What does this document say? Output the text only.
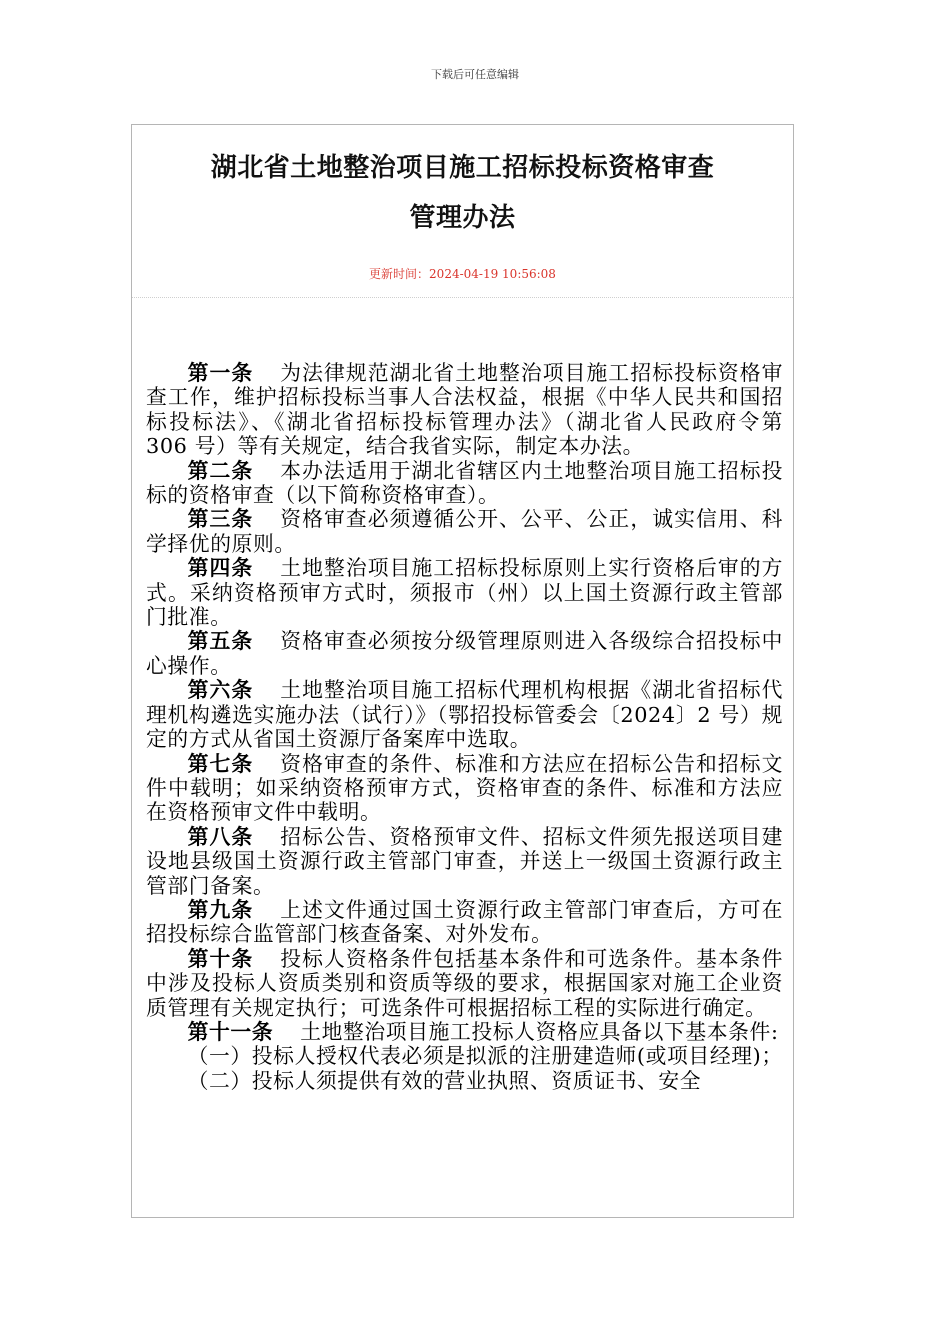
下载后可任意编辑
湖北省土地整治项目施工招标投标资格审查
管理办法
更新时间：2024-04-19 10:56:08

第一条 为法律规范湖北省土地整治项目施工招标投标资格审查工作，维护招标投标当事人合法权益，根据《中华人民共和国招标投标法》、《湖北省招标投标管理办法》（湖北省人民政府令第 306 号）等有关规定，结合我省实际，制定本办法。

第二条 本办法适用于湖北省辖区内土地整治项目施工招标投标的资格审查（以下简称资格审查）。

第三条 资格审查必须遵循公开、公平、公正，诚实信用、科学择优的原则。

第四条 土地整治项目施工招标投标原则上实行资格后审的方式。采纳资格预审方式时，须报市（州）以上国土资源行政主管部门批准。

第五条 资格审查必须按分级管理原则进入各级综合招投标中心操作。

第六条 土地整治项目施工招标代理机构根据《湖北省招标代理机构遴选实施办法（试行）》（鄂招投标管委会〔2024〕2 号）规定的方式从省国土资源厅备案库中选取。

第七条 资格审查的条件、标准和方法应在招标公告和招标文件中载明；如采纳资格预审方式，资格审查的条件、标准和方法应在资格预审文件中载明。

第八条 招标公告、资格预审文件、招标文件须先报送项目建设地县级国土资源行政主管部门审查，并送上一级国土资源行政主管部门备案。

第九条 上述文件通过国土资源行政主管部门审查后，方可在招投标综合监管部门核查备案、对外发布。

第十条 投标人资格条件包括基本条件和可选条件。基本条件中涉及投标人资质类别和资质等级的要求，根据国家对施工企业资质管理有关规定执行；可选条件可根据招标工程的实际进行确定。

第十一条 土地整治项目施工投标人资格应具备以下基本条件:

（一）投标人授权代表必须是拟派的注册建造师(或项目经理)；

（二）投标人须提供有效的营业执照、资质证书、安全
